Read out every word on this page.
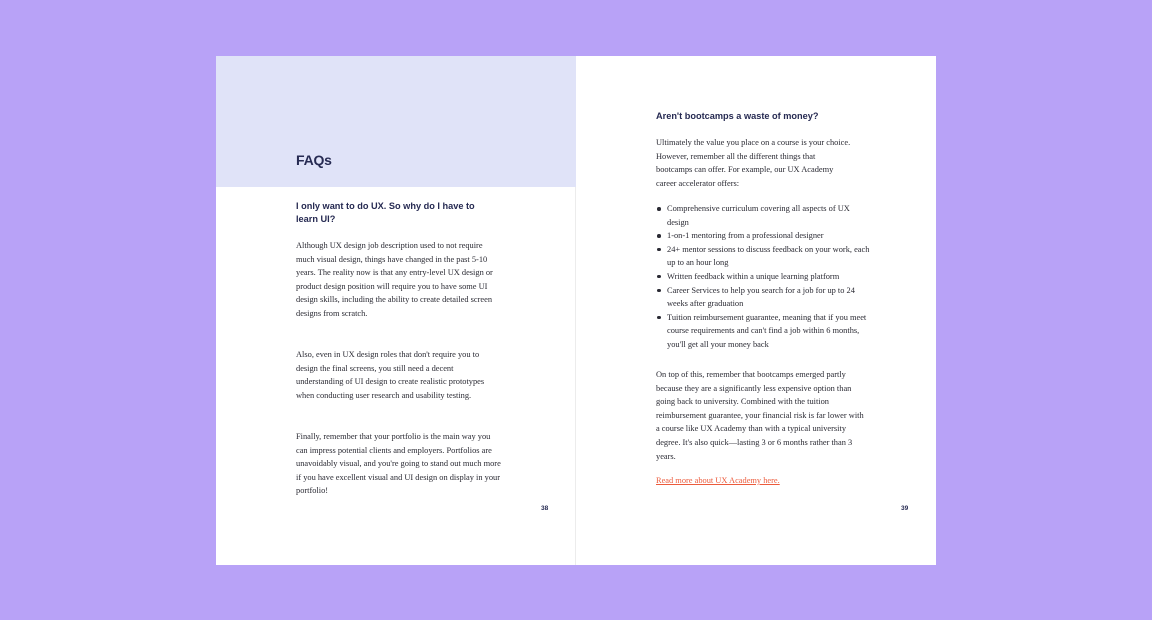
FAQs
I only want to do UX. So why do I have to learn UI?

Although UX design job description used to not require much visual design, things have changed in the past 5-10 years. The reality now is that any entry-level UX design or product design position will require you to have some UI design skills, including the ability to create detailed screen designs from scratch.

Also, even in UX design roles that don't require you to design the final screens, you still need a decent understanding of UI design to create realistic prototypes when conducting user research and usability testing.

Finally, remember that your portfolio is the main way you can impress potential clients and employers. Portfolios are unavoidably visual, and you're going to stand out much more if you have excellent visual and UI design on display in your portfolio!

38
Aren't bootcamps a waste of money?

Ultimately the value you place on a course is your choice. However, remember all the different things that bootcamps can offer. For example, our UX Academy career accelerator offers:

Comprehensive curriculum covering all aspects of UX design
1-on-1 mentoring from a professional designer
24+ mentor sessions to discuss feedback on your work, each up to an hour long
Written feedback within a unique learning platform
Career Services to help you search for a job for up to 24 weeks after graduation
Tuition reimbursement guarantee, meaning that if you meet course requirements and can't find a job within 6 months, you'll get all your money back

On top of this, remember that bootcamps emerged partly because they are a significantly less expensive option than going back to university. Combined with the tuition reimbursement guarantee, your financial risk is far lower with a course like UX Academy than with a typical university degree. It's also quick—lasting 3 or 6 months rather than 3 years.

Read more about UX Academy here.
39
